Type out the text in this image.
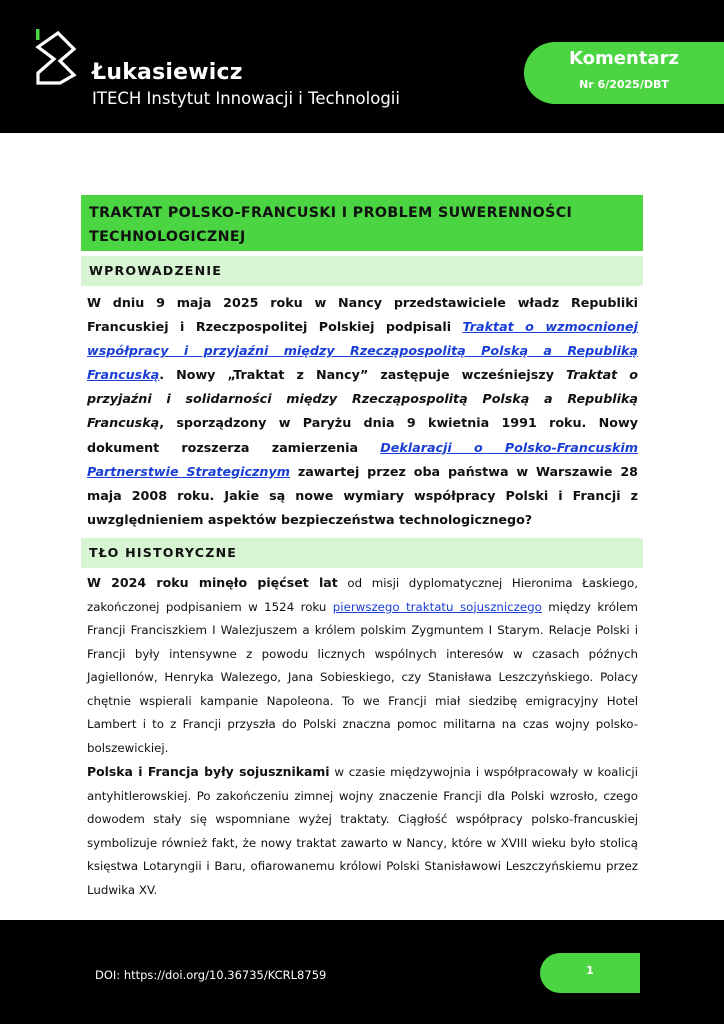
Łukasiewicz
ITECH Instytut Innowacji i Technologii
Komentarz
Nr 6/2025/DBT
TRAKTAT POLSKO-FRANCUSKI I PROBLEM SUWERENNOŚCI TECHNOLOGICZNEJ
WPROWADZENIE

W dniu 9 maja 2025 roku w Nancy przedstawiciele władz Republiki Francuskiej i Rzeczpospolitej Polskiej podpisali Traktat o wzmocnionej współpracy i przyjaźni między Rzecząpospolitą Polską a Republiką Francuską. Nowy „Traktat z Nancy” zastępuje wcześniejszy Traktat o przyjaźni i solidarności między Rzecząpospolitą Polską a Republiką Francuską, sporządzony w Paryżu dnia 9 kwietnia 1991 roku. Nowy dokument rozszerza zamierzenia Deklaracji o Polsko-Francuskim Partnerstwie Strategicznym zawartej przez oba państwa w Warszawie 28 maja 2008 roku. Jakie są nowe wymiary współpracy Polski i Francji z uwzględnieniem aspektów bezpieczeństwa technologicznego?

TŁO HISTORYCZNE

W 2024 roku minęło pięćset lat od misji dyplomatycznej Hieronima Łaskiego, zakończonej podpisaniem w 1524 roku pierwszego traktatu sojuszniczego między królem Francji Franciszkiem I Walezjuszem a królem polskim Zygmuntem I Starym. Relacje Polski i Francji były intensywne z powodu licznych wspólnych interesów w czasach późnych Jagiellonów, Henryka Walezego, Jana Sobieskiego, czy Stanisława Leszczyńskiego. Polacy chętnie wspierali kampanie Napoleona. To we Francji miał siedzibę emigracyjny Hotel Lambert i to z Francji przyszła do Polski znaczna pomoc militarna na czas wojny polsko-bolszewickiej.

Polska i Francja były sojusznikami w czasie międzywojnia i współpracowały w koalicji antyhitlerowskiej. Po zakończeniu zimnej wojny znaczenie Francji dla Polski wzrosło, czego dowodem stały się wspomniane wyżej traktaty. Ciągłość współpracy polsko-francuskiej symbolizuje również fakt, że nowy traktat zawarto w Nancy, które w XVIII wieku było stolicą księstwa Lotaryngii i Baru, ofiarowanemu królowi Polski Stanisławowi Leszczyńskiemu przez Ludwika XV.

DOI: https://doi.org/10.36735/KCRL8759	1
